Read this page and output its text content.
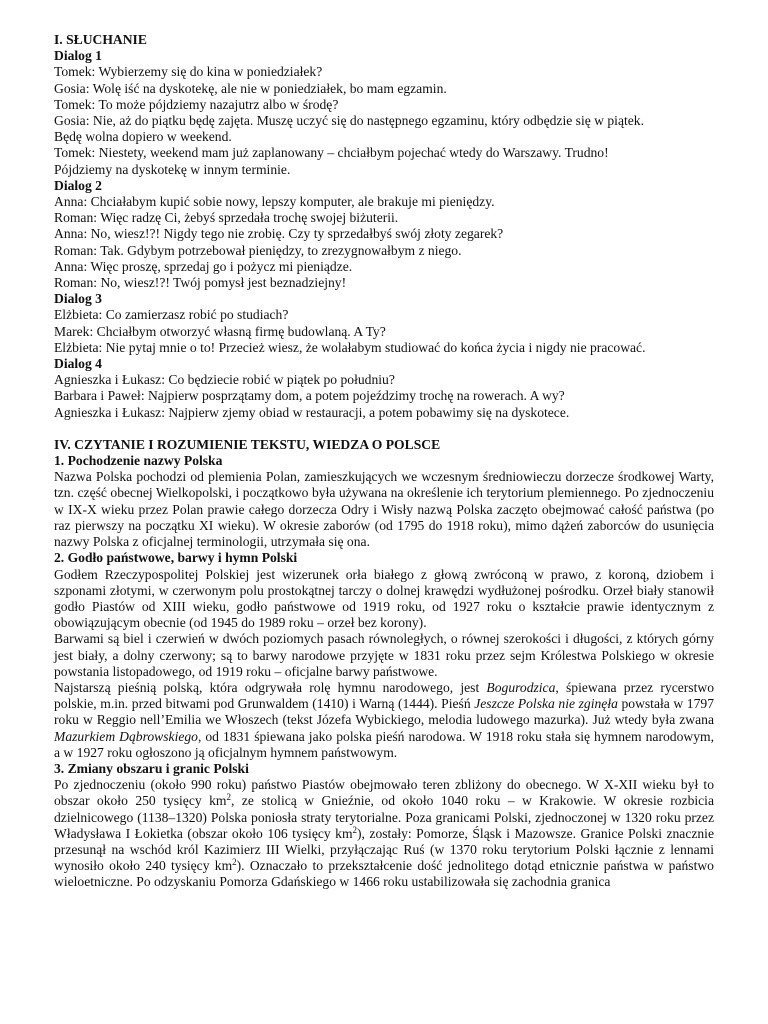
I. SŁUCHANIE
Dialog 1
Tomek: Wybierzemy się do kina w poniedziałek?
Gosia: Wolę iść na dyskotekę, ale nie w poniedziałek, bo mam egzamin.
Tomek: To może pójdziemy nazajutrz albo w środę?
Gosia: Nie, aż do piątku będę zajęta. Muszę uczyć się do następnego egzaminu, który odbędzie się w piątek.
Będę wolna dopiero w weekend.
Tomek: Niestety, weekend mam już zaplanowany – chciałbym pojechać wtedy do Warszawy. Trudno!
Pójdziemy na dyskotekę w innym terminie.
Dialog 2
Anna: Chciałabym kupić sobie nowy, lepszy komputer, ale brakuje mi pieniędzy.
Roman: Więc radzę Ci, żebyś sprzedała trochę swojej biżuterii.
Anna: No, wiesz!?! Nigdy tego nie zrobię. Czy ty sprzedałbyś swój złoty zegarek?
Roman: Tak. Gdybym potrzebował pieniędzy, to zrezygnowałbym z niego.
Anna: Więc proszę, sprzedaj go i pożycz mi pieniądze.
Roman: No, wiesz!?! Twój pomysł jest beznadziejny!
Dialog 3
Elżbieta: Co zamierzasz robić po studiach?
Marek: Chciałbym otworzyć własną firmę budowlaną. A Ty?
Elżbieta: Nie pytaj mnie o to! Przecież wiesz, że wolałabym studiować do końca życia i nigdy nie pracować.
Dialog 4
Agnieszka i Łukasz: Co będziecie robić w piątek po południu?
Barbara i Paweł: Najpierw posprzątamy dom, a potem pojeździmy trochę na rowerach. A wy?
Agnieszka i Łukasz: Najpierw zjemy obiad w restauracji, a potem pobawimy się na dyskotece.
IV. CZYTANIE I ROZUMIENIE TEKSTU, WIEDZA O POLSCE
1. Pochodzenie nazwy Polska

Nazwa Polska pochodzi od plemienia Polan, zamieszkujących we wczesnym średniowieczu dorzecze środkowej Warty, tzn. część obecnej Wielkopolski, i początkowo była używana na określenie ich terytorium plemiennego. Po zjednoczeniu w IX-X wieku przez Polan prawie całego dorzecza Odry i Wisły nazwą Polska zaczęto obejmować całość państwa (po raz pierwszy na początku XI wieku). W okresie zaborów (od 1795 do 1918 roku), mimo dążeń zaborców do usunięcia nazwy Polska z oficjalnej terminologii, utrzymała się ona.

2. Godło państwowe, barwy i hymn Polski

Godłem Rzeczypospolitej Polskiej jest wizerunek orła białego z głową zwróconą w prawo, z koroną, dziobem i szponami złotymi, w czerwonym polu prostokątnej tarczy o dolnej krawędzi wydłużonej pośrodku. Orzeł biały stanowił godło Piastów od XIII wieku, godło państwowe od 1919 roku, od 1927 roku o kształcie prawie identycznym z obowiązującym obecnie (od 1945 do 1989 roku – orzeł bez korony).

Barwami są biel i czerwień w dwóch poziomych pasach równoległych, o równej szerokości i długości, z których górny jest biały, a dolny czerwony; są to barwy narodowe przyjęte w 1831 roku przez sejm Królestwa Polskiego w okresie powstania listopadowego, od 1919 roku – oficjalne barwy państwowe.

Najstarszą pieśnią polską, która odgrywała rolę hymnu narodowego, jest Bogurodzica, śpiewana przez rycerstwo polskie, m.in. przed bitwami pod Grunwaldem (1410) i Warną (1444). Pieśń Jeszcze Polska nie zginęła powstała w 1797 roku w Reggio nell’Emilia we Włoszech (tekst Józefa Wybickiego, melodia ludowego mazurka). Już wtedy była zwana Mazurkiem Dąbrowskiego, od 1831 śpiewana jako polska pieśń narodowa. W 1918 roku stała się hymnem narodowym, a w 1927 roku ogłoszono ją oficjalnym hymnem państwowym.

3. Zmiany obszaru i granic Polski

Po zjednoczeniu (około 990 roku) państwo Piastów obejmowało teren zbliżony do obecnego. W X-XII wieku był to obszar około 250 tysięcy $km^2$, ze stolicą w Gnieźnie, od około 1040 roku – w Krakowie. W okresie rozbicia dzielnicowego (1138–1320) Polska poniosła straty terytorialne. Poza granicami Polski, zjednoczonej w 1320 roku przez Władysława I Łokietka (obszar około 106 tysięcy $km^2$), zostały: Pomorze, Śląsk i Mazowsze. Granice Polski znacznie przesunął na wschód król Kazimierz III Wielki, przyłączając Ruś (w 1370 roku terytorium Polski łącznie z lennami wynosiło około 240 tysięcy $km^2$). Oznaczało to przekształcenie dość jednolitego dotąd etnicznie państwa w państwo wieloetniczne. Po odzyskaniu Pomorza Gdańskiego w 1466 roku ustabilizowała się zachodnia granica
